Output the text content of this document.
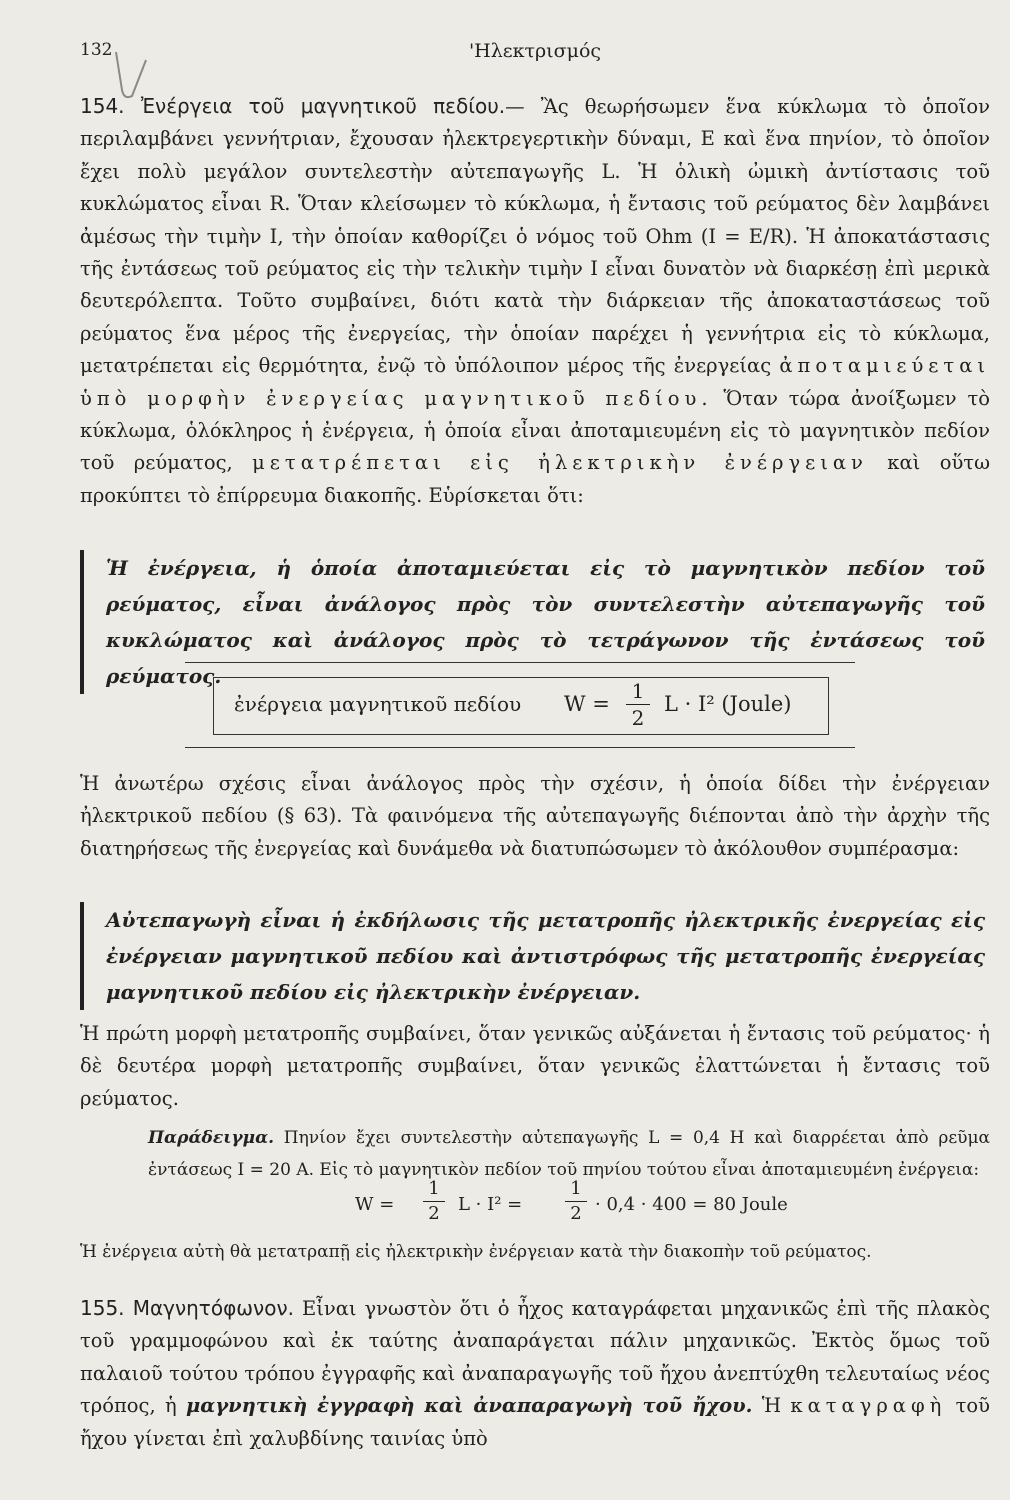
132	'Ηλεκτρισμός

154. Ἐνέργεια τοῦ μαγνητικοῦ πεδίου.— Ἂς θεωρήσωμεν ἕνα κύκλωμα τὸ ὁποῖον περιλαμβάνει γεννήτριαν, ἔχουσαν ἠλεκτρεγερτικὴν δύναμι, E καὶ ἕνα πηνίον, τὸ ὁποῖον ἔχει πολὺ μεγάλον συντελεστὴν αὐτεπαγωγῆς L. Ἡ ὁλικὴ ὠμικὴ ἀντίστασις τοῦ κυκλώματος εἶναι R. Ὅταν κλείσωμεν τὸ κύκλωμα, ἡ ἔντασις τοῦ ρεύματος δὲν λαμβάνει ἀμέσως τὴν τιμὴν I, τὴν ὁποίαν καθορίζει ὁ νόμος τοῦ Ohm (I = E/R). Ἡ ἀποκατάστασις τῆς ἐντάσεως τοῦ ρεύματος εἰς τὴν τελικὴν τιμὴν I εἶναι δυνατὸν νὰ διαρκέσῃ ἐπὶ μερικὰ δευτερόλεπτα. Τοῦτο συμβαίνει, διότι κατὰ τὴν διάρκειαν τῆς ἀποκαταστάσεως τοῦ ρεύματος ἕνα μέρος τῆς ἐνεργείας, τὴν ὁποίαν παρέχει ἡ γεννήτρια εἰς τὸ κύκλωμα, μετατρέπεται εἰς θερμότητα, ἐνῷ τὸ ὑπόλοιπον μέρος τῆς ἐνεργείας ἀποταμιεύεται ὑπὸ μορφὴν ἐνεργείας μαγνητικοῦ πεδίου. Ὅταν τώρα ἀνοίξωμεν τὸ κύκλωμα, ὁλόκληρος ἡ ἐνέργεια, ἡ ὁποία εἶναι ἀποταμιευμένη εἰς τὸ μαγνητικὸν πεδίον τοῦ ρεύματος, μετατρέπεται εἰς ἠλεκτρικὴν ἐνέργειαν καὶ οὕτω προκύπτει τὸ ἐπίρρευμα διακοπῆς. Εὑρίσκεται ὅτι:

Ἡ ἐνέργεια, ἡ ὁποία ἀποταμιεύεται εἰς τὸ μαγνητικὸν πεδίον τοῦ ρεύματος, εἶναι ἀνάλογος πρὸς τὸν συντελεστὴν αὐτεπαγωγῆς τοῦ κυκλώματος καὶ ἀνάλογος πρὸς τὸ τετράγωνον τῆς ἐντάσεως τοῦ ρεύματος.

ἐνέργεια μαγνητικοῦ πεδίου W =
1
2
L · I² (Joule)

Ἡ ἀνωτέρω σχέσις εἶναι ἀνάλογος πρὸς τὴν σχέσιν, ἡ ὁποία δίδει τὴν ἐνέργειαν ἠλεκτρικοῦ πεδίου (§ 63). Τὰ φαινόμενα τῆς αὐτεπαγωγῆς διέπονται ἀπὸ τὴν ἀρχὴν τῆς διατηρήσεως τῆς ἐνεργείας καὶ δυνάμεθα νὰ διατυπώσωμεν τὸ ἀκόλουθον συμπέρασμα:

Αὐτεπαγωγὴ εἶναι ἡ ἐκδήλωσις τῆς μετατροπῆς ἠλεκτρικῆς ἐνεργείας εἰς ἐνέργειαν μαγνητικοῦ πεδίου καὶ ἀντιστρόφως τῆς μετατροπῆς ἐνεργείας μαγνητικοῦ πεδίου εἰς ἠλεκτρικὴν ἐνέργειαν.

Ἡ πρώτη μορφὴ μετατροπῆς συμβαίνει, ὅταν γενικῶς αὐξάνεται ἡ ἔντασις τοῦ ρεύματος· ἡ δὲ δευτέρα μορφὴ μετατροπῆς συμβαίνει, ὅταν γενικῶς ἐλαττώνεται ἡ ἔντασις τοῦ ρεύματος.

Παράδειγμα. Πηνίον ἔχει συντελεστὴν αὐτεπαγωγῆς L = 0,4 H καὶ διαρρέεται ἀπὸ ρεῦμα ἐντάσεως I = 20 A. Εἰς τὸ μαγνητικὸν πεδίον τοῦ πηνίου τούτου εἶναι ἀποταμιευμένη ἐνέργεια:

W =
1
2 L · I² =
1
2 · 0,4 · 400 = 80 Joule

Ἡ ἐνέργεια αὐτὴ θὰ μετατραπῇ εἰς ἠλεκτρικὴν ἐνέργειαν κατὰ τὴν διακοπὴν τοῦ ρεύματος.

155. Μαγνητόφωνον. Εἶναι γνωστὸν ὅτι ὁ ἦχος καταγράφεται μηχανικῶς ἐπὶ τῆς πλακὸς τοῦ γραμμοφώνου καὶ ἐκ ταύτης ἀναπαράγεται πάλιν μηχανικῶς. Ἐκτὸς ὅμως τοῦ παλαιοῦ τούτου τρόπου ἐγγραφῆς καὶ ἀναπαραγωγῆς τοῦ ἤχου ἀνεπτύχθη τελευταίως νέος τρόπος, ἡ μαγνητικὴ ἐγγραφὴ καὶ ἀναπαραγωγὴ τοῦ ἤχου. Ἡ καταγραφὴ τοῦ ἤχου γίνεται ἐπὶ χαλυβδίνης ταινίας ὑπὸ
